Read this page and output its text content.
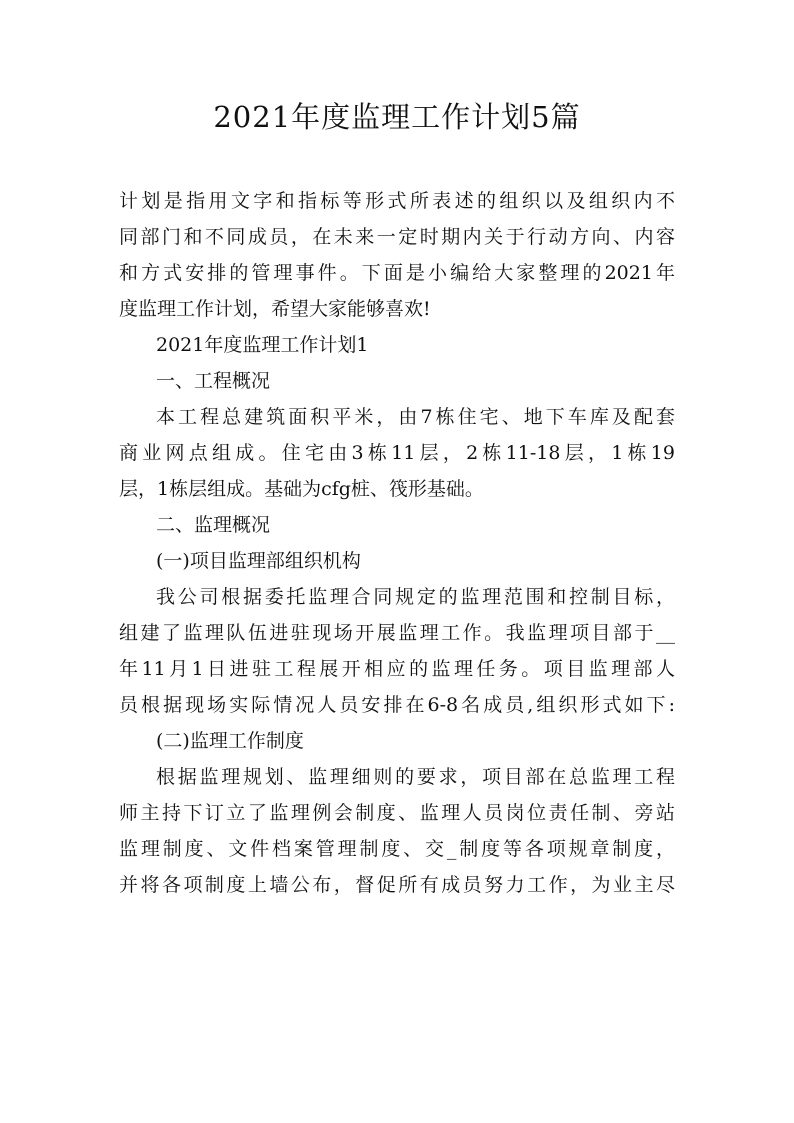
2021年度监理工作计划5篇
计划是指用文字和指标等形式所表述的组织以及组织内不
同部门和不同成员，在未来一定时期内关于行动方向、内容
和方式安排的管理事件。下面是小编给大家整理的2021年
度监理工作计划，希望大家能够喜欢!
2021年度监理工作计划1
一、工程概况
本工程总建筑面积平米，由7栋住宅、地下车库及配套
商业网点组成。住宅由3栋11层，2栋11-18层，1栋19
层，1栋层组成。基础为cfg桩、筏形基础。
二、监理概况
(一)项目监理部组织机构
我公司根据委托监理合同规定的监理范围和控制目标，
组建了监理队伍进驻现场开展监理工作。我监理项目部于__
年11月1日进驻工程展开相应的监理任务。项目监理部人
员根据现场实际情况人员安排在6-8名成员,组织形式如下:
(二)监理工作制度
根据监理规划、监理细则的要求，项目部在总监理工程
师主持下订立了监理例会制度、监理人员岗位责任制、旁站
监理制度、文件档案管理制度、交_制度等各项规章制度，
并将各项制度上墙公布，督促所有成员努力工作，为业主尽
